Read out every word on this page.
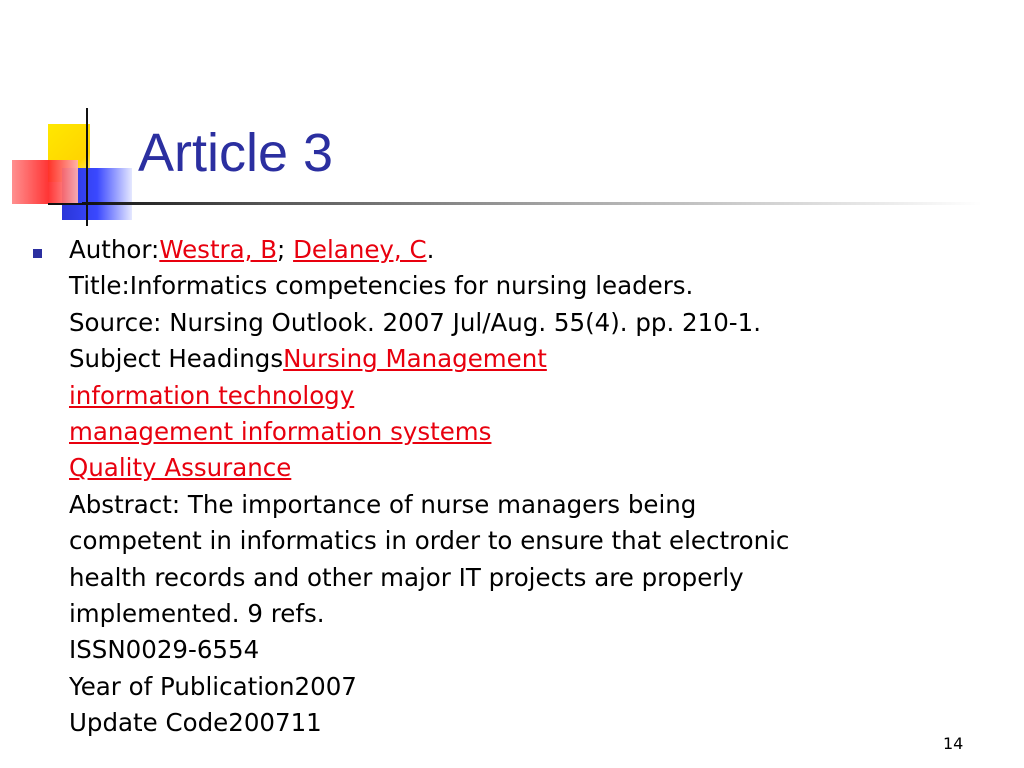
Article 3
Author:Westra, B; Delaney, C.
Title:Informatics competencies for nursing leaders.
Source: Nursing Outlook. 2007 Jul/Aug. 55(4). pp. 210-1.
Subject HeadingsNursing Management
information technology
management information systems
Quality Assurance
Abstract: The importance of nurse managers being
competent in informatics in order to ensure that electronic
health records and other major IT projects are properly
implemented. 9 refs.
ISSN0029-6554
Year of Publication2007
Update Code200711
14
